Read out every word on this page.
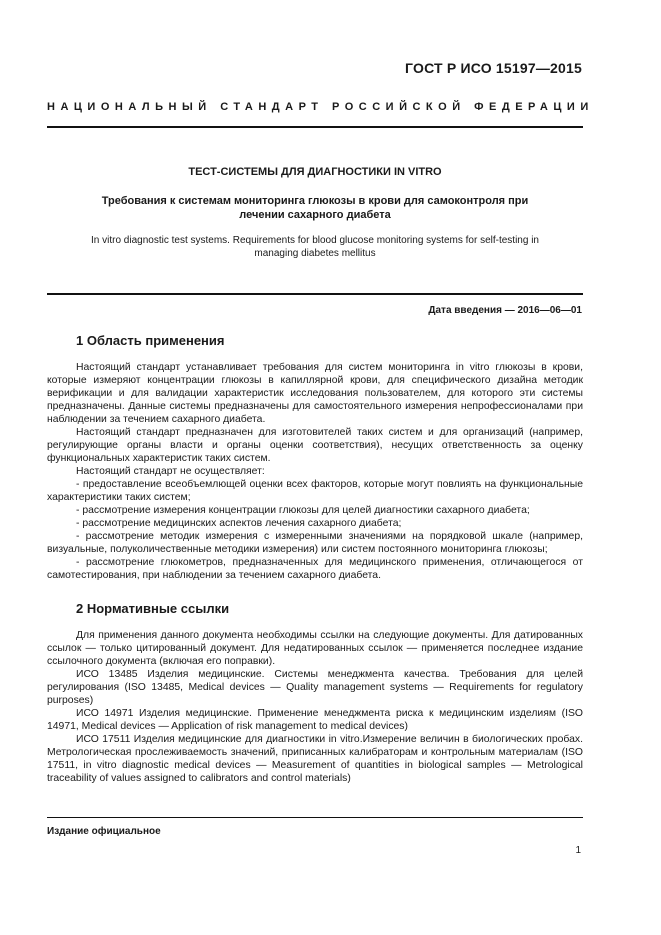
ГОСТ Р ИСО 15197—2015
НАЦИОНАЛЬНЫЙ СТАНДАРТ РОССИЙСКОЙ ФЕДЕРАЦИИ
ТЕСТ-СИСТЕМЫ ДЛЯ ДИАГНОСТИКИ IN VITRO
Требования к системам мониторинга глюкозы в крови для самоконтроля при лечении сахарного диабета
In vitro diagnostic test systems. Requirements for blood glucose monitoring systems for self-testing in managing diabetes mellitus
Дата введения — 2016—06—01
1 Область применения

Настоящий стандарт устанавливает требования для систем мониторинга in vitro глюкозы в крови, которые измеряют концентрации глюкозы в капиллярной крови, для специфического дизайна методик верификации и для валидации характеристик исследования пользователем, для которого эти системы предназначены. Данные системы предназначены для самостоятельного измерения непрофессионалами при наблюдении за течением сахарного диабета.

Настоящий стандарт предназначен для изготовителей таких систем и для организаций (например, регулирующие органы власти и органы оценки соответствия), несущих ответственность за оценку функциональных характеристик таких систем.

Настоящий стандарт не осуществляет:

- предоставление всеобъемлющей оценки всех факторов, которые могут повлиять на функциональные характеристики таких систем;

- рассмотрение измерения концентрации глюкозы для целей диагностики сахарного диабета;

- рассмотрение медицинских аспектов лечения сахарного диабета;

- рассмотрение методик измерения с измеренными значениями на порядковой шкале (например, визуальные, полуколичественные методики измерения) или систем постоянного мониторинга глюкозы;

- рассмотрение глюкометров, предназначенных для медицинского применения, отличающегося от самотестирования, при наблюдении за течением сахарного диабета.

2 Нормативные ссылки

Для применения данного документа необходимы ссылки на следующие документы. Для датированных ссылок — только цитированный документ. Для недатированных ссылок — применяется последнее издание ссылочного документа (включая его поправки).

ИСО 13485 Изделия медицинские. Системы менеджмента качества. Требования для целей регулирования (ISO 13485, Medical devices — Quality management systems — Requirements for regulatory purposes)

ИСО 14971 Изделия медицинские. Применение менеджмента риска к медицинским изделиям (ISO 14971, Medical devices — Application of risk management to medical devices)

ИСО 17511 Изделия медицинские для диагностики in vitro.Измерение величин в биологических пробах. Метрологическая прослеживаемость значений, приписанных калибраторам и контрольным материалам (ISO 17511, in vitro diagnostic medical devices — Measurement of quantities in biological samples — Metrological traceability of values assigned to calibrators and control materials)

Издание официальное
1
